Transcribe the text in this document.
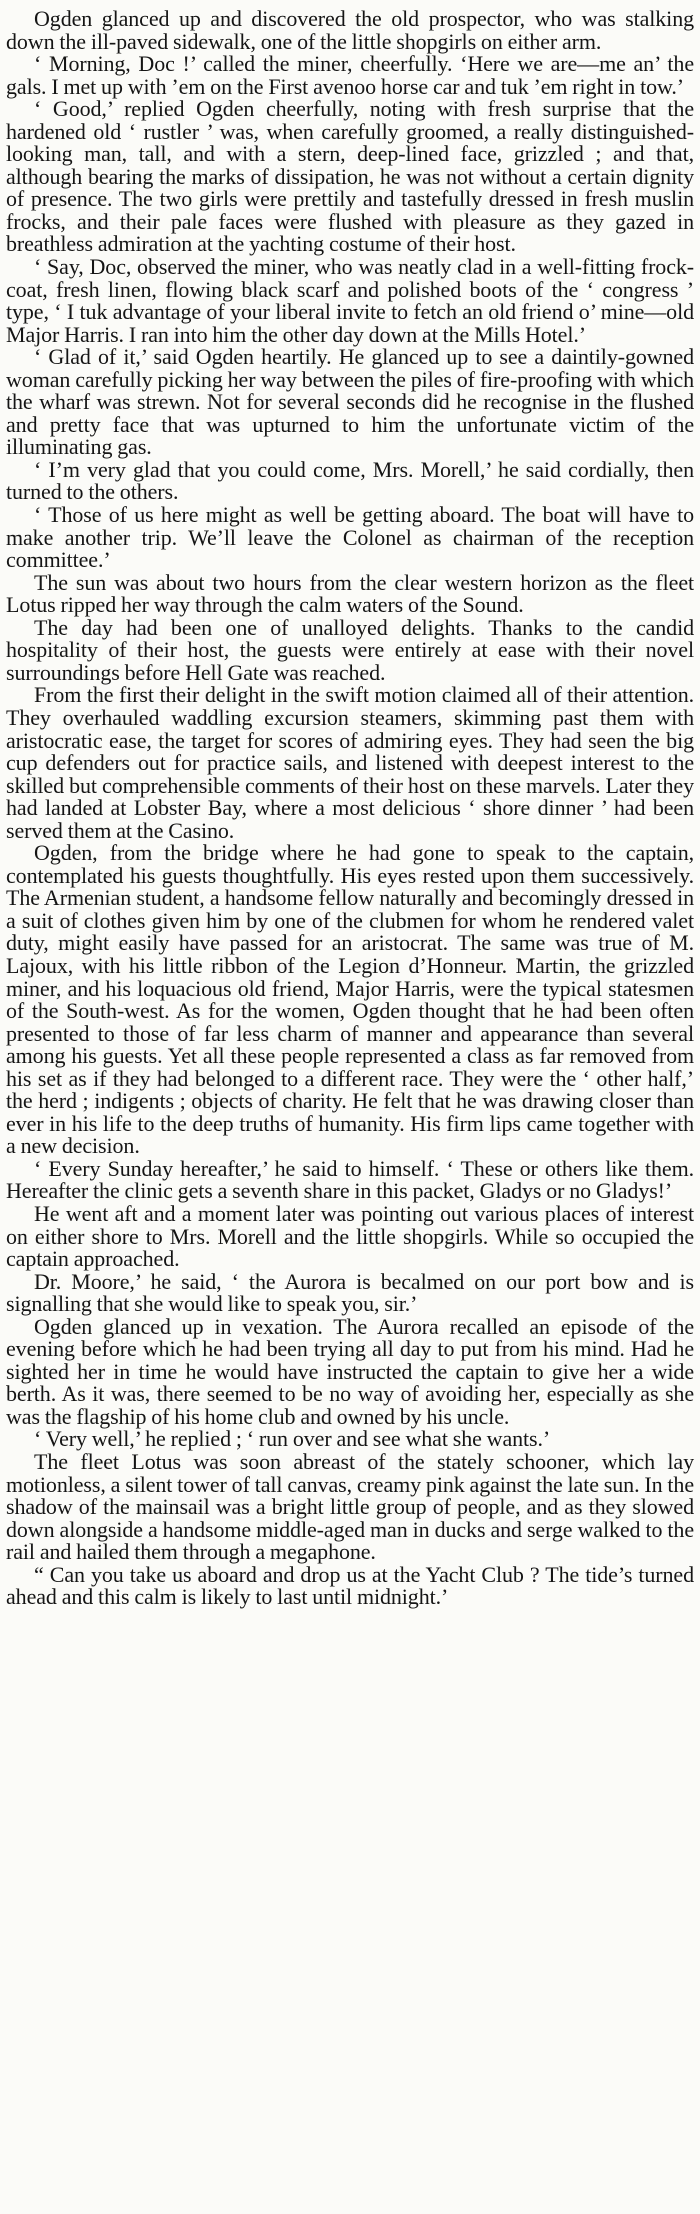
Ogden glanced up and discovered the old prospector, who was stalking down the ill-paved sidewalk, one of the little shopgirls on either arm.

‘ Morning, Doc !’ called the miner, cheerfully. ‘Here we are—me an’ the gals. I met up with ’em on the First avenoo horse car and tuk ’em right in tow.’

‘ Good,’ replied Ogden cheerfully, noting with fresh surprise that the hardened old ‘ rustler ’ was, when carefully groomed, a really distinguished-looking man, tall, and with a stern, deep-lined face, grizzled ; and that, although bearing the marks of dissipation, he was not without a certain dignity of presence. The two girls were prettily and tastefully dressed in fresh muslin frocks, and their pale faces were flushed with pleasure as they gazed in breathless admiration at the yachting costume of their host.

‘ Say, Doc, observed the miner, who was neatly clad in a well-fitting frock-coat, fresh linen, flowing black scarf and polished boots of the ‘ congress ’ type, ‘ I tuk advantage of your liberal invite to fetch an old friend o’ mine—old Major Harris. I ran into him the other day down at the Mills Hotel.’

‘ Glad of it,’ said Ogden heartily. He glanced up to see a daintily-gowned woman carefully picking her way between the piles of fire-proofing with which the wharf was strewn. Not for several seconds did he recognise in the flushed and pretty face that was upturned to him the unfortunate victim of the illuminating gas.

‘ I’m very glad that you could come, Mrs. Morell,’ he said cordially, then turned to the others.

‘ Those of us here might as well be getting aboard. The boat will have to make another trip. We’ll leave the Colonel as chairman of the reception committee.’

The sun was about two hours from the clear western horizon as the fleet Lotus ripped her way through the calm waters of the Sound.

The day had been one of unalloyed delights. Thanks to the candid hospitality of their host, the guests were entirely at ease with their novel surroundings before Hell Gate was reached.

From the first their delight in the swift motion claimed all of their attention. They overhauled waddling excursion steamers, skimming past them with aristocratic ease, the target for scores of admiring eyes. They had seen the big cup defenders out for practice sails, and listened with deepest interest to the skilled but comprehensible comments of their host on these marvels. Later they had landed at Lobster Bay, where a most delicious ‘ shore dinner ’ had been served them at the Casino.

Ogden, from the bridge where he had gone to speak to the captain, contemplated his guests thoughtfully. His eyes rested upon them successively. The Armenian student, a handsome fellow naturally and becomingly dressed in a suit of clothes given him by one of the clubmen for whom he rendered valet duty, might easily have passed for an aristocrat. The same was true of M. Lajoux, with his little ribbon of the Legion d’Honneur. Martin, the grizzled miner, and his loquacious old friend, Major Harris, were the typical statesmen of the South-west. As for the women, Ogden thought that he had been often presented to those of far less charm of manner and appearance than several among his guests. Yet all these people represented a class as far removed from his set as if they had belonged to a different race. They were the ‘ other half,’ the herd ; indigents ; objects of charity. He felt that he was drawing closer than ever in his life to the deep truths of humanity. His firm lips came together with a new decision.

‘ Every Sunday hereafter,’ he said to himself. ‘ These or others like them. Hereafter the clinic gets a seventh share in this packet, Gladys or no Gladys!’

He went aft and a moment later was pointing out various places of interest on either shore to Mrs. Morell and the little shopgirls. While so occupied the captain approached.

Dr. Moore,’ he said, ‘ the Aurora is becalmed on our port bow and is signalling that she would like to speak you, sir.’

Ogden glanced up in vexation. The Aurora recalled an episode of the evening before which he had been trying all day to put from his mind. Had he sighted her in time he would have instructed the captain to give her a wide berth. As it was, there seemed to be no way of avoiding her, especially as she was the flagship of his home club and owned by his uncle.

‘ Very well,’ he replied ; ‘ run over and see what she wants.’

The fleet Lotus was soon abreast of the stately schooner, which lay motionless, a silent tower of tall canvas, creamy pink against the late sun. In the shadow of the mainsail was a bright little group of people, and as they slowed down alongside a handsome middle-aged man in ducks and serge walked to the rail and hailed them through a megaphone.

“ Can you take us aboard and drop us at the Yacht Club ? The tide’s turned ahead and this calm is likely to last until midnight.’
